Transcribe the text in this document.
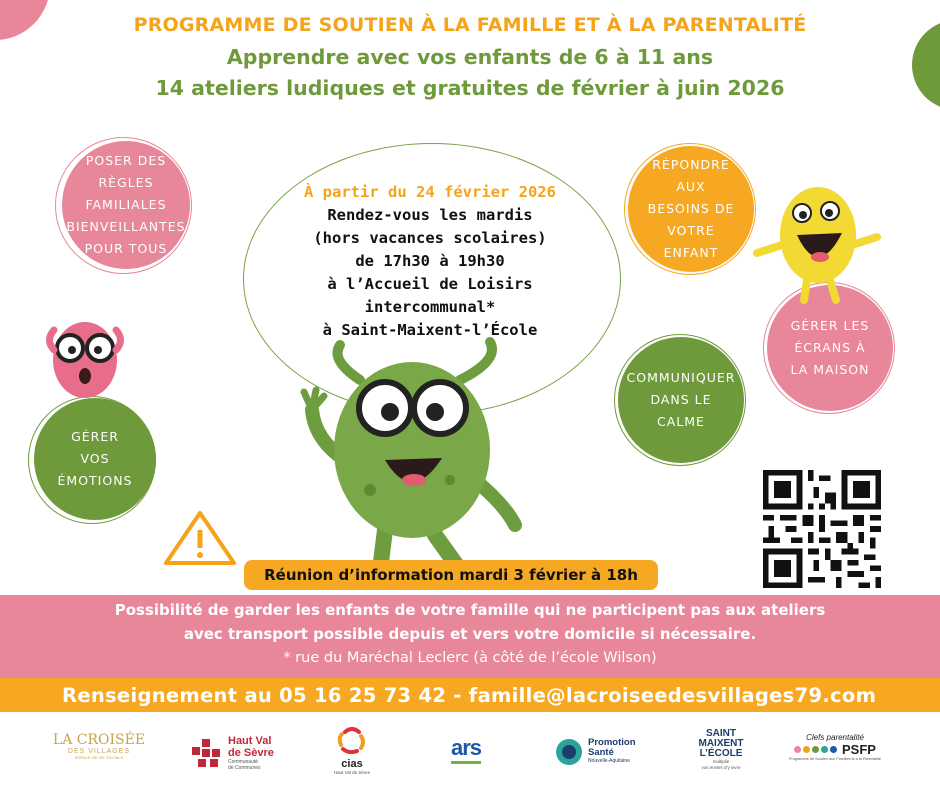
PROGRAMME DE SOUTIEN À LA FAMILLE ET À LA PARENTALITÉ
Apprendre avec vos enfants de 6 à 11 ans
14 ateliers ludiques et gratuites de février à juin 2026
POSER DES
RÈGLES
FAMILIALES
BIENVEILLANTES
POUR TOUS
GÉRER
VOS
ÉMOTIONS
RÉPONDRE
AUX
BESOINS DE
VOTRE
ENFANT
GÉRER LES
ÉCRANS À
LA MAISON
COMMUNIQUER
DANS LE
CALME
À partir du 24 février 2026
Rendez-vous les mardis
(hors vacances scolaires)
de 17h30 à 19h30
à l’Accueil de Loisirs
intercommunal*
à Saint-Maixent-l’École
Réunion d’information mardi 3 février à 18h
Possibilité de garder les enfants de votre famille qui ne participent pas aux ateliers
avec transport possible depuis et vers votre domicile si nécessaire.
* rue du Maréchal Leclerc (à côté de l’école Wilson)
Renseignement au 05 16 25 73 42 - famille@lacroiseedesvillages79.com
LA CROISÉE
DES VILLAGES
ESPACE DE VIE SOCIALE
Haut Val
de Sèvre
Communauté
de Communes	cias
Haut Val de Sèvre
ars	Promotion
Santé
Nouvelle-Aquitaine
SAINT
MAIXENT
L’ÉCOLE
multiplie
vos envies d’y vivre
Clefs parentalité
PSFP
Programme de Soutien aux Familles et à la Parentalité
